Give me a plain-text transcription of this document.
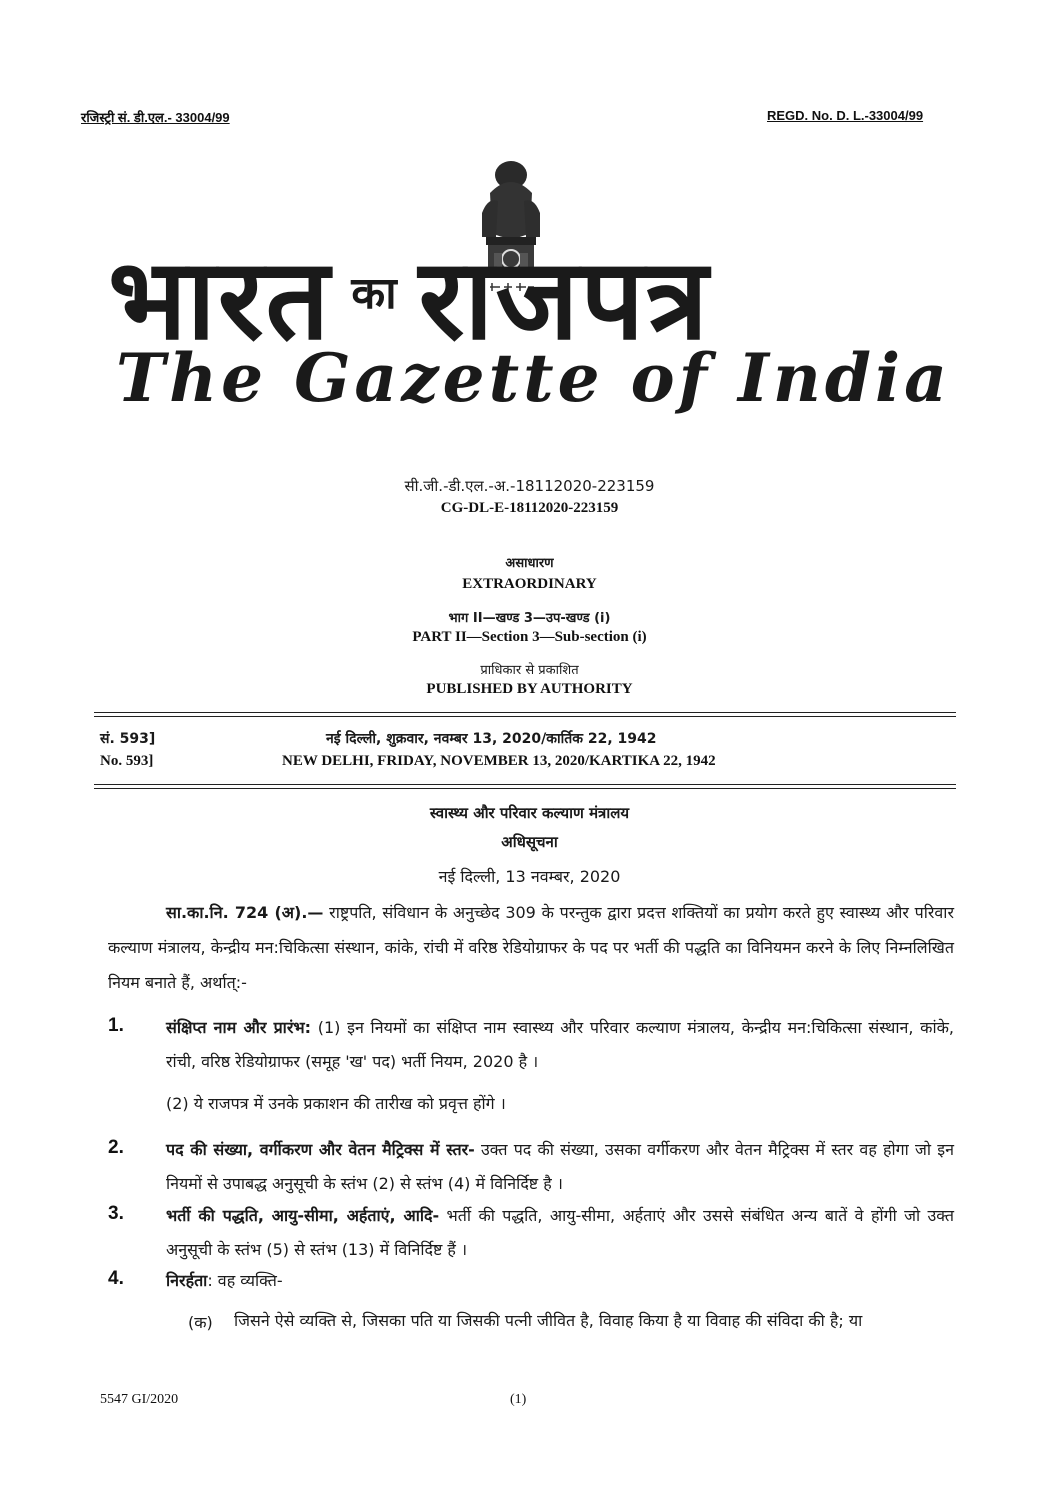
रजिस्ट्री सं. डी.एल.- 33004/99	REGD. No. D. L.-33004/99
भारत $^{का}$ राजपत्र
The Gazette of India
सी.जी.-डी.एल.-अ.-18112020-223159
CG-DL-E-18112020-223159
असाधारण
EXTRAORDINARY
भाग II—खण्ड 3—उप-खण्ड (i)
PART II—Section 3—Sub-section (i)
प्राधिकार से प्रकाशित
PUBLISHED BY AUTHORITY
सं. 593]	नई दिल्ली, शुक्रवार, नवम्बर 13, 2020/कार्तिक 22, 1942
No. 593]	NEW DELHI, FRIDAY, NOVEMBER 13, 2020/KARTIKA 22, 1942
स्वास्थ्य और परिवार कल्याण मंत्रालय
अधिसूचना
नई दिल्ली, 13 नवम्बर, 2020
सा.का.नि. 724 (अ).— राष्ट्रपति, संविधान के अनुच्छेद 309 के परन्तुक द्वारा प्रदत्त शक्तियों का प्रयोग करते हुए स्वास्थ्य और परिवार कल्याण मंत्रालय, केन्द्रीय मन:चिकित्सा संस्थान, कांके, रांची में वरिष्ठ रेडियोग्राफर के पद पर भर्ती की पद्धति का विनियमन करने के लिए निम्नलिखित नियम बनाते हैं, अर्थात्:-
1.	संक्षिप्त नाम और प्रारंभ: (1) इन नियमों का संक्षिप्त नाम स्वास्थ्य और परिवार कल्याण मंत्रालय, केन्द्रीय मन:चिकित्सा संस्थान, कांके, रांची, वरिष्ठ रेडियोग्राफर (समूह 'ख' पद) भर्ती नियम, 2020 है ।
(2) ये राजपत्र में उनके प्रकाशन की तारीख को प्रवृत्त होंगे ।
2.	पद की संख्या, वर्गीकरण और वेतन मैट्रिक्स में स्तर- उक्त पद की संख्या, उसका वर्गीकरण और वेतन मैट्रिक्स में स्तर वह होगा जो इन नियमों से उपाबद्ध अनुसूची के स्तंभ (2) से स्तंभ (4) में विनिर्दिष्ट है ।
3.	भर्ती की पद्धति, आयु-सीमा, अर्हताएं, आदि- भर्ती की पद्धति, आयु-सीमा, अर्हताएं और उससे संबंधित अन्य बातें वे होंगी जो उक्त अनुसूची के स्तंभ (5) से स्तंभ (13) में विनिर्दिष्ट हैं ।
4.	निरर्हता: वह व्यक्ति-
(क) जिसने ऐसे व्यक्ति से, जिसका पति या जिसकी पत्नी जीवित है, विवाह किया है या विवाह की संविदा की है; या
5547 GI/2020	(1)
